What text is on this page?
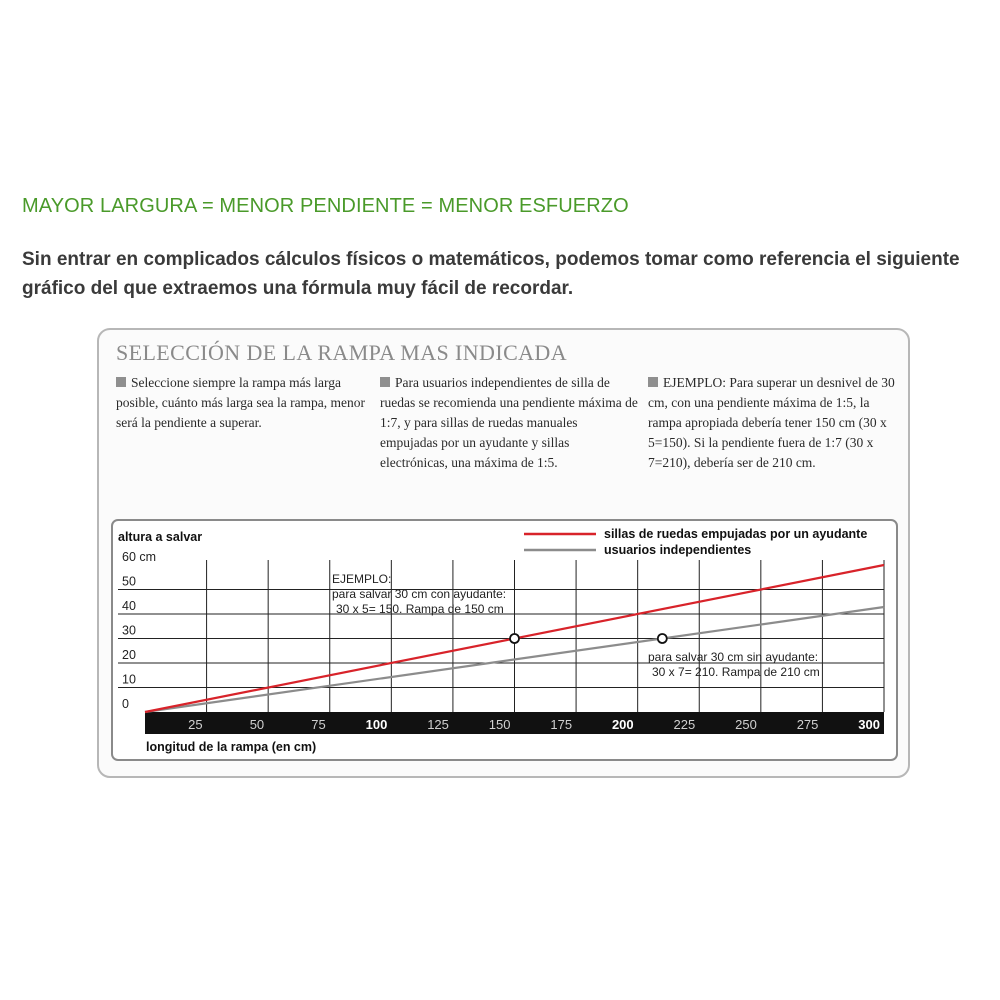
MAYOR LARGURA = MENOR PENDIENTE = MENOR ESFUERZO
Sin entrar en complicados cálculos físicos o matemáticos, podemos tomar como referencia el siguiente gráfico del que extraemos una fórmula muy fácil de recordar.
SELECCIÓN DE LA RAMPA MAS INDICADA
Seleccione siempre la rampa más larga posible, cuánto más larga sea la rampa, menor será la pendiente a superar.
Para usuarios independientes de silla de ruedas se recomienda una pendiente máxima de 1:7, y para sillas de ruedas manuales empujadas por un ayudante y sillas electrónicas, una máxima de 1:5.
EJEMPLO: Para superar un desnivel de 30 cm, con una pendiente máxima de 1:5, la rampa apropiada debería tener 150 cm (30 x 5=150). Si la pendiente fuera de 1:7 (30 x 7=210), debería ser de 210 cm.
25	50	75	100	125	150	175	200	225	250	275	300
0
10
20
30
40
50
60 cm
EJEMPLO: para salvar 30 cm con ayudante: 30 x 5= 150. Rampa de 150 cm
para salvar 30 cm sin ayudante: 30 x 7= 210. Rampa de 210 cm
altura a salvar
longitud de la rampa (en cm)
sillas de ruedas empujadas por un ayudante
usuarios independientes
